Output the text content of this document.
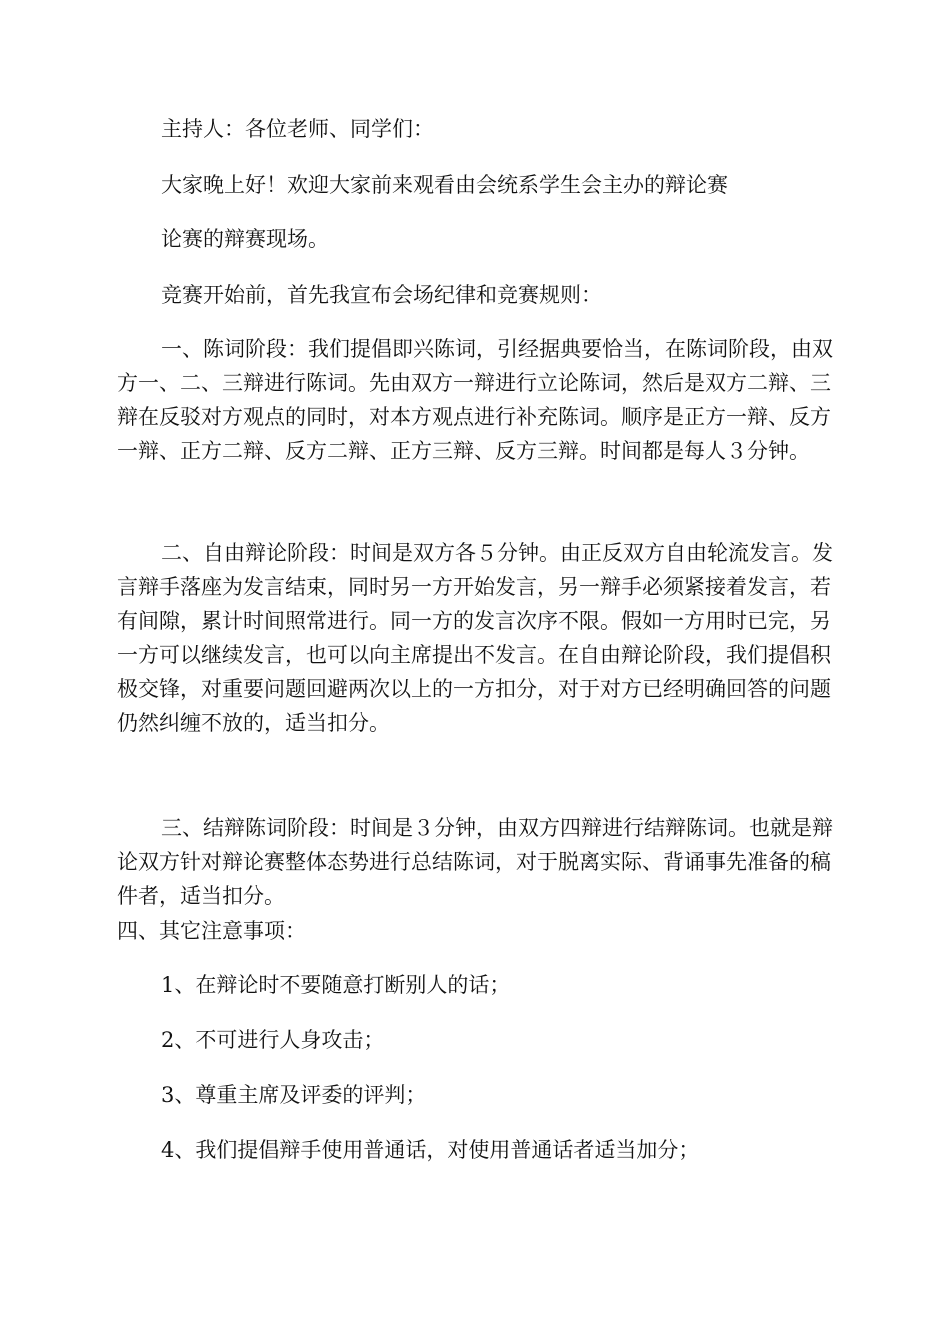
主持人：各位老师、同学们：

大家晚上好！欢迎大家前来观看由会统系学生会主办的辩论赛

论赛的辩赛现场。

竞赛开始前，首先我宣布会场纪律和竞赛规则：

一、陈词阶段：我们提倡即兴陈词，引经据典要恰当，在陈词阶段，由双方一、二、三辩进行陈词。先由双方一辩进行立论陈词，然后是双方二辩、三辩在反驳对方观点的同时，对本方观点进行补充陈词。顺序是正方一辩、反方一辩、正方二辩、反方二辩、正方三辩、反方三辩。时间都是每人３分钟。

二、自由辩论阶段：时间是双方各５分钟。由正反双方自由轮流发言。发言辩手落座为发言结束，同时另一方开始发言，另一辩手必须紧接着发言，若有间隙，累计时间照常进行。同一方的发言次序不限。假如一方用时已完，另一方可以继续发言，也可以向主席提出不发言。在自由辩论阶段，我们提倡积极交锋，对重要问题回避两次以上的一方扣分，对于对方已经明确回答的问题仍然纠缠不放的，适当扣分。

三、结辩陈词阶段：时间是３分钟，由双方四辩进行结辩陈词。也就是辩论双方针对辩论赛整体态势进行总结陈词，对于脱离实际、背诵事先准备的稿件者，适当扣分。

四、其它注意事项：

1、在辩论时不要随意打断别人的话；

2、不可进行人身攻击；

3、尊重主席及评委的评判；

4、我们提倡辩手使用普通话，对使用普通话者适当加分；
